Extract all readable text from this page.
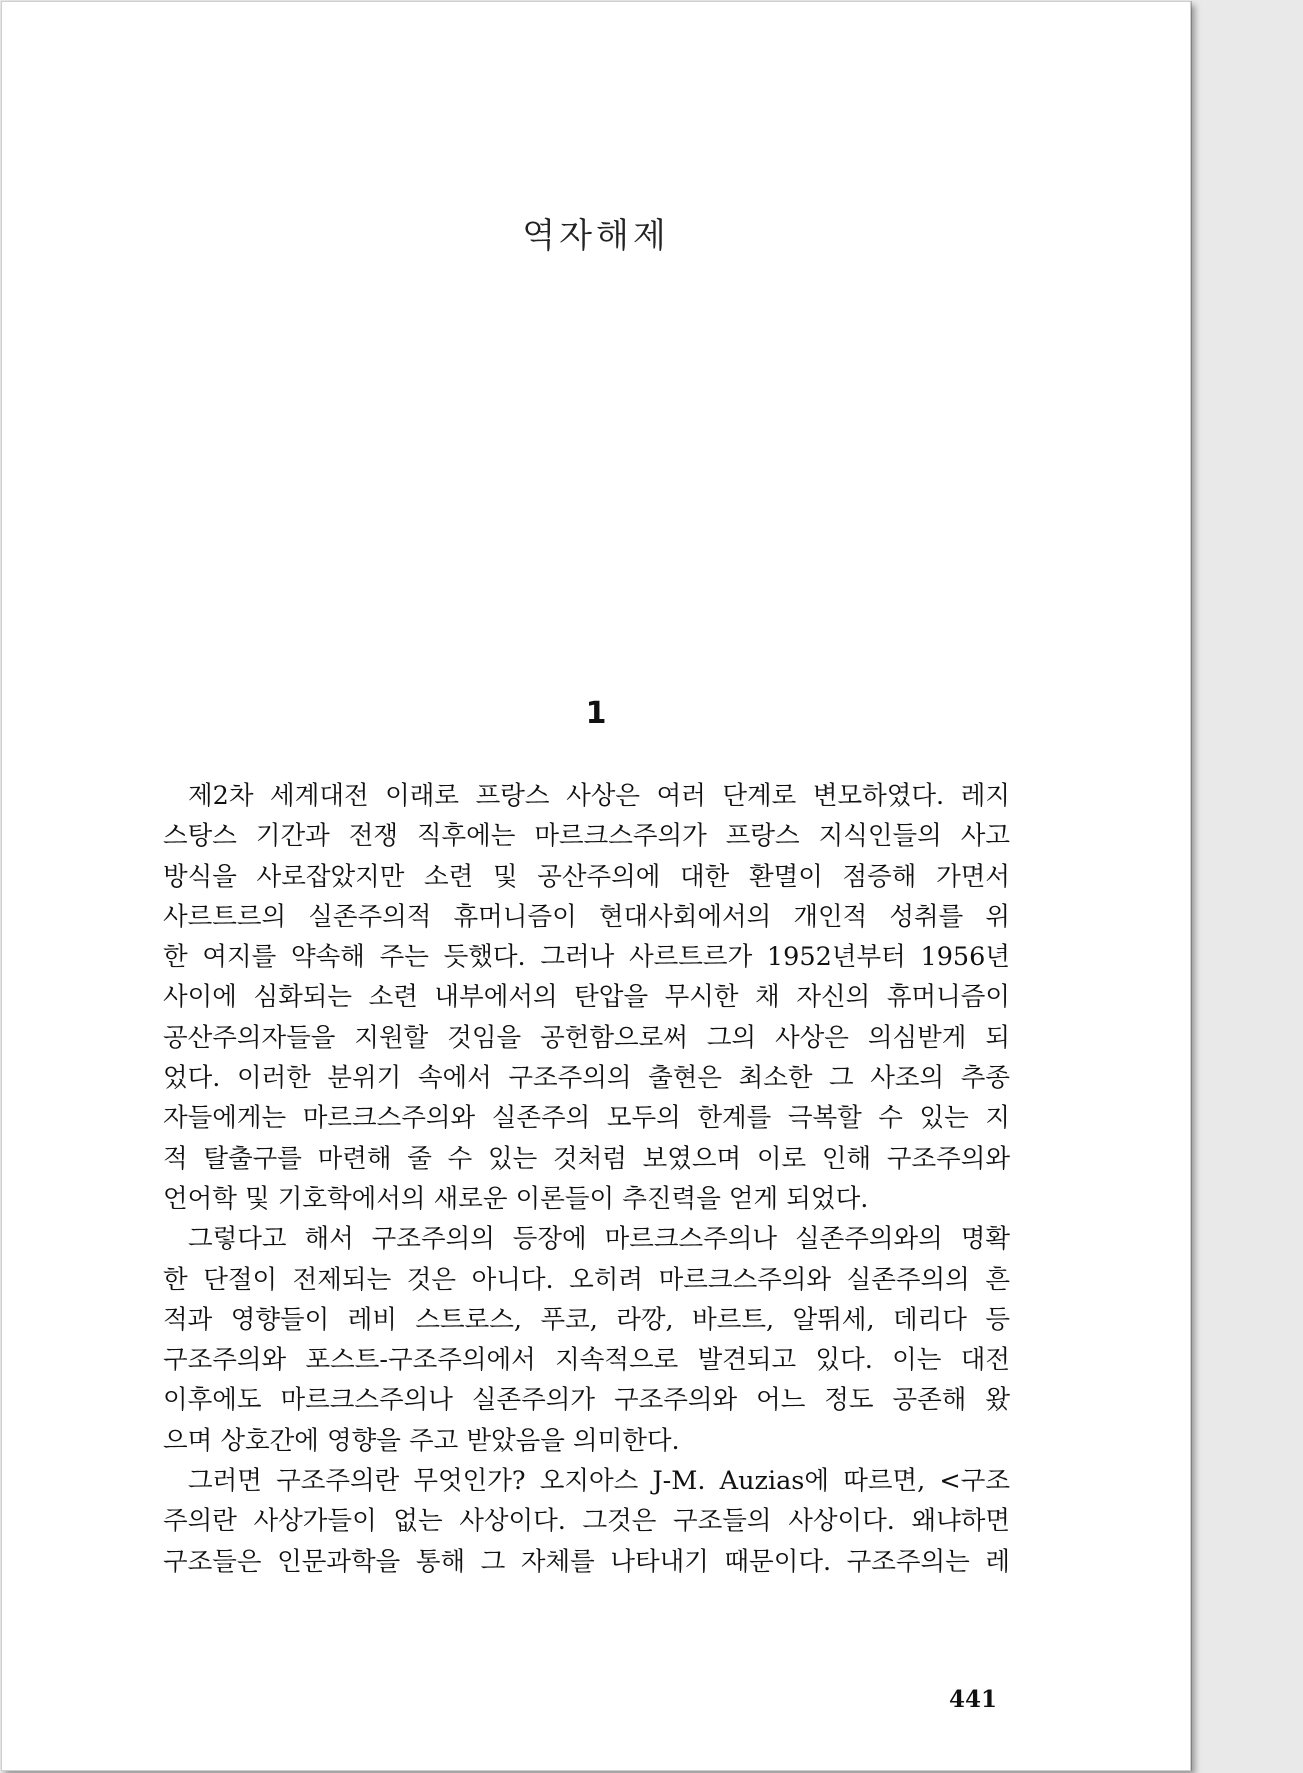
역자해제
1
제2차 세계대전 이래로 프랑스 사상은 여러 단계로 변모하였다. 레지
스탕스 기간과 전쟁 직후에는 마르크스주의가 프랑스 지식인들의 사고
방식을 사로잡았지만 소련 및 공산주의에 대한 환멸이 점증해 가면서
사르트르의 실존주의적 휴머니즘이 현대사회에서의 개인적 성취를 위
한 여지를 약속해 주는 듯했다. 그러나 사르트르가 1952년부터 1956년
사이에 심화되는 소련 내부에서의 탄압을 무시한 채 자신의 휴머니즘이
공산주의자들을 지원할 것임을 공헌함으로써 그의 사상은 의심받게 되
었다. 이러한 분위기 속에서 구조주의의 출현은 최소한 그 사조의 추종
자들에게는 마르크스주의와 실존주의 모두의 한계를 극복할 수 있는 지
적 탈출구를 마련해 줄 수 있는 것처럼 보였으며 이로 인해 구조주의와
언어학 및 기호학에서의 새로운 이론들이 추진력을 얻게 되었다.
그렇다고 해서 구조주의의 등장에 마르크스주의나 실존주의와의 명확
한 단절이 전제되는 것은 아니다. 오히려 마르크스주의와 실존주의의 흔
적과 영향들이 레비 스트로스, 푸코, 라깡, 바르트, 알뛰세, 데리다 등
구조주의와 포스트-구조주의에서 지속적으로 발견되고 있다. 이는 대전
이후에도 마르크스주의나 실존주의가 구조주의와 어느 정도 공존해 왔
으며 상호간에 영향을 주고 받았음을 의미한다.
그러면 구조주의란 무엇인가? 오지아스 J-M. Auzias에 따르면, <구조
주의란 사상가들이 없는 사상이다. 그것은 구조들의 사상이다. 왜냐하면
구조들은 인문과학을 통해 그 자체를 나타내기 때문이다. 구조주의는 레
441
